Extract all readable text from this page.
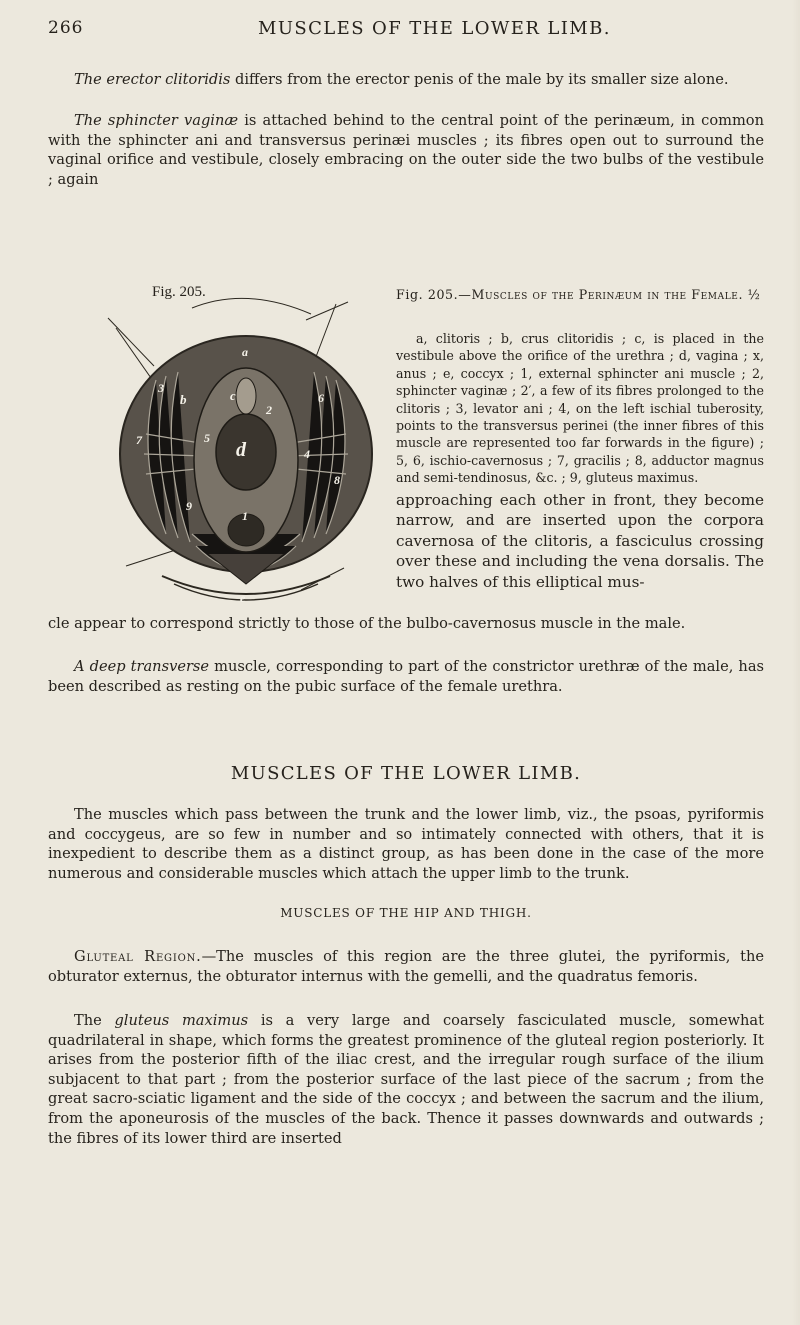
266	MUSCLES OF THE LOWER LIMB.

The erector clitoridis differs from the erector penis of the male by its smaller size alone.

The sphincter vaginæ is attached behind to the central point of the perinæum, in common with the sphincter ani and transversus perinæi muscles ; its fibres open out to surround the vaginal orifice and vestibule, closely embracing on the outer side the two bulbs of the vestibule ; again

Fig. 205.
a
b	c
d
e
3
1
2
4
5
6
7
8
9

Fig. 205.—Muscles of the Perinæum in the Female. ½

a, clitoris ; b, crus clitoridis ; c, is placed in the vestibule above the orifice of the urethra ; d, vagina ; x, anus ; e, coccyx ; 1, external sphincter ani muscle ; 2, sphincter vaginæ ; 2′, a few of its fibres prolonged to the clitoris ; 3, levator ani ; 4, on the left ischial tuberosity, points to the transversus perinei (the inner fibres of this muscle are represented too far forwards in the figure) ; 5, 6, ischio-cavernosus ; 7, gracilis ; 8, adductor magnus and semi-tendinosus, &c. ; 9, gluteus maximus.

approaching each other in front, they become narrow, and are inserted upon the corpora cavernosa of the clitoris, a fasciculus crossing over these and including the vena dorsalis. The two halves of this elliptical mus-

cle appear to correspond strictly to those of the bulbo-cavernosus muscle in the male.

A deep transverse muscle, corresponding to part of the constrictor urethræ of the male, has been described as resting on the pubic surface of the female urethra.

MUSCLES OF THE LOWER LIMB.

The muscles which pass between the trunk and the lower limb, viz., the psoas, pyriformis and coccygeus, are so few in number and so intimately connected with others, that it is inexpedient to describe them as a distinct group, as has been done in the case of the more numerous and considerable muscles which attach the upper limb to the trunk.

MUSCLES OF THE HIP AND THIGH.

Gluteal Region.—The muscles of this region are the three glutei, the pyriformis, the obturator externus, the obturator internus with the gemelli, and the quadratus femoris.

The gluteus maximus is a very large and coarsely fasciculated muscle, somewhat quadrilateral in shape, which forms the greatest prominence of the gluteal region posteriorly. It arises from the posterior fifth of the iliac crest, and the irregular rough surface of the ilium subjacent to that part ; from the posterior surface of the last piece of the sacrum ; from the great sacro-sciatic ligament and the side of the coccyx ; and between the sacrum and the ilium, from the aponeurosis of the muscles of the back. Thence it passes downwards and outwards ; the fibres of its lower third are inserted
